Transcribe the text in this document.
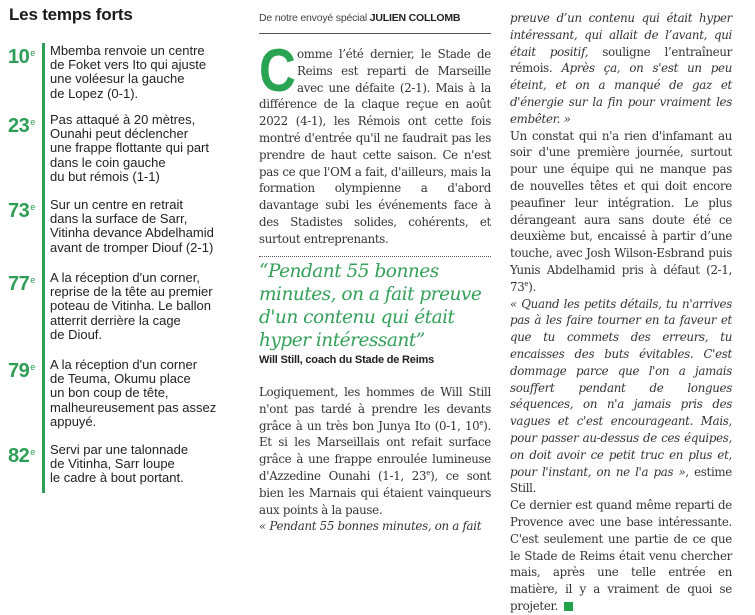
Les temps forts
10e	Mbemba renvoie un centre
de Foket vers Ito qui ajuste
une voléesur la gauche
de Lopez (0-1).
23e	Pas attaqué à 20 mètres,
Ounahi peut déclencher
une frappe flottante qui part
dans le coin gauche
du but rémois (1-1)
73e	Sur un centre en retrait
dans la surface de Sarr,
Vitinha devance Abdelhamid
avant de tromper Diouf (2-1)
77e	A la réception d'un corner,
reprise de la tête au premier
poteau de Vitinha. Le ballon
atterrit derrière la cage
de Diouf.
79e	A la réception d'un corner
de Teuma, Okumu place
un bon coup de tête,
malheureusement pas assez
appuyé.
82e	Servi par une talonnade
de Vitinha, Sarr loupe
le cadre à bout portant.
De notre envoyé spécial JULIEN COLLOMB
C omme l’été dernier, le Stade de Reims est reparti de Marseille avec une défaite (2-1). Mais à la différence de la claque reçue en août 2022 (4-1), les Rémois ont cette fois montré d'entrée qu'il ne faudrait pas les prendre de haut cette saison. Ce n'est pas ce que l'OM a fait, d'ailleurs, mais la formation olympienne a d'abord davantage subi les événements face à des Stadistes solides, cohérents, et surtout entreprenants.
“Pendant 55 bonnes minutes, on a fait preuve d'un contenu qui était hyper intéressant”
Will Still, coach du Stade de Reims
Logiquement, les hommes de Will Still n'ont pas tardé à prendre les devants grâce à un très bon Junya Ito (0-1, 10e). Et si les Marseillais ont refait surface grâce à une frappe enroulée lumineuse d'Azzedine Ounahi (1-1, 23e), ce sont bien les Marnais qui étaient vainqueurs aux points à la pause.
« Pendant 55 bonnes minutes, on a fait
preuve d’un contenu qui était hyper intéressant, qui allait de l’avant, qui était positif, souligne l’entraîneur rémois. Après ça, on s'est un peu éteint, et on a manqué de gaz et d'énergie sur la fin pour vraiment les embêter. »
Un constat qui n'a rien d'infamant au soir d'une première journée, surtout pour une équipe qui ne manque pas de nouvelles têtes et qui doit encore peaufiner leur intégration. Le plus dérangeant aura sans doute été ce deuxième but, encaissé à partir d’une touche, avec Josh Wilson-Esbrand puis Yunis Abdelhamid pris à défaut (2-1, 73e).
« Quand les petits détails, tu n'arrives pas à les faire tourner en ta faveur et que tu commets des erreurs, tu encaisses des buts évitables. C'est dommage parce que l'on a jamais souffert pendant de longues séquences, on n'a jamais pris des vagues et c'est encourageant. Mais, pour passer au-dessus de ces équipes, on doit avoir ce petit truc en plus et, pour l'instant, on ne l'a pas », estime Still.
Ce dernier est quand même reparti de Provence avec une base intéressante. C'est seulement une partie de ce que le Stade de Reims était venu chercher mais, après une telle entrée en matière, il y a vraiment de quoi se projeter.
